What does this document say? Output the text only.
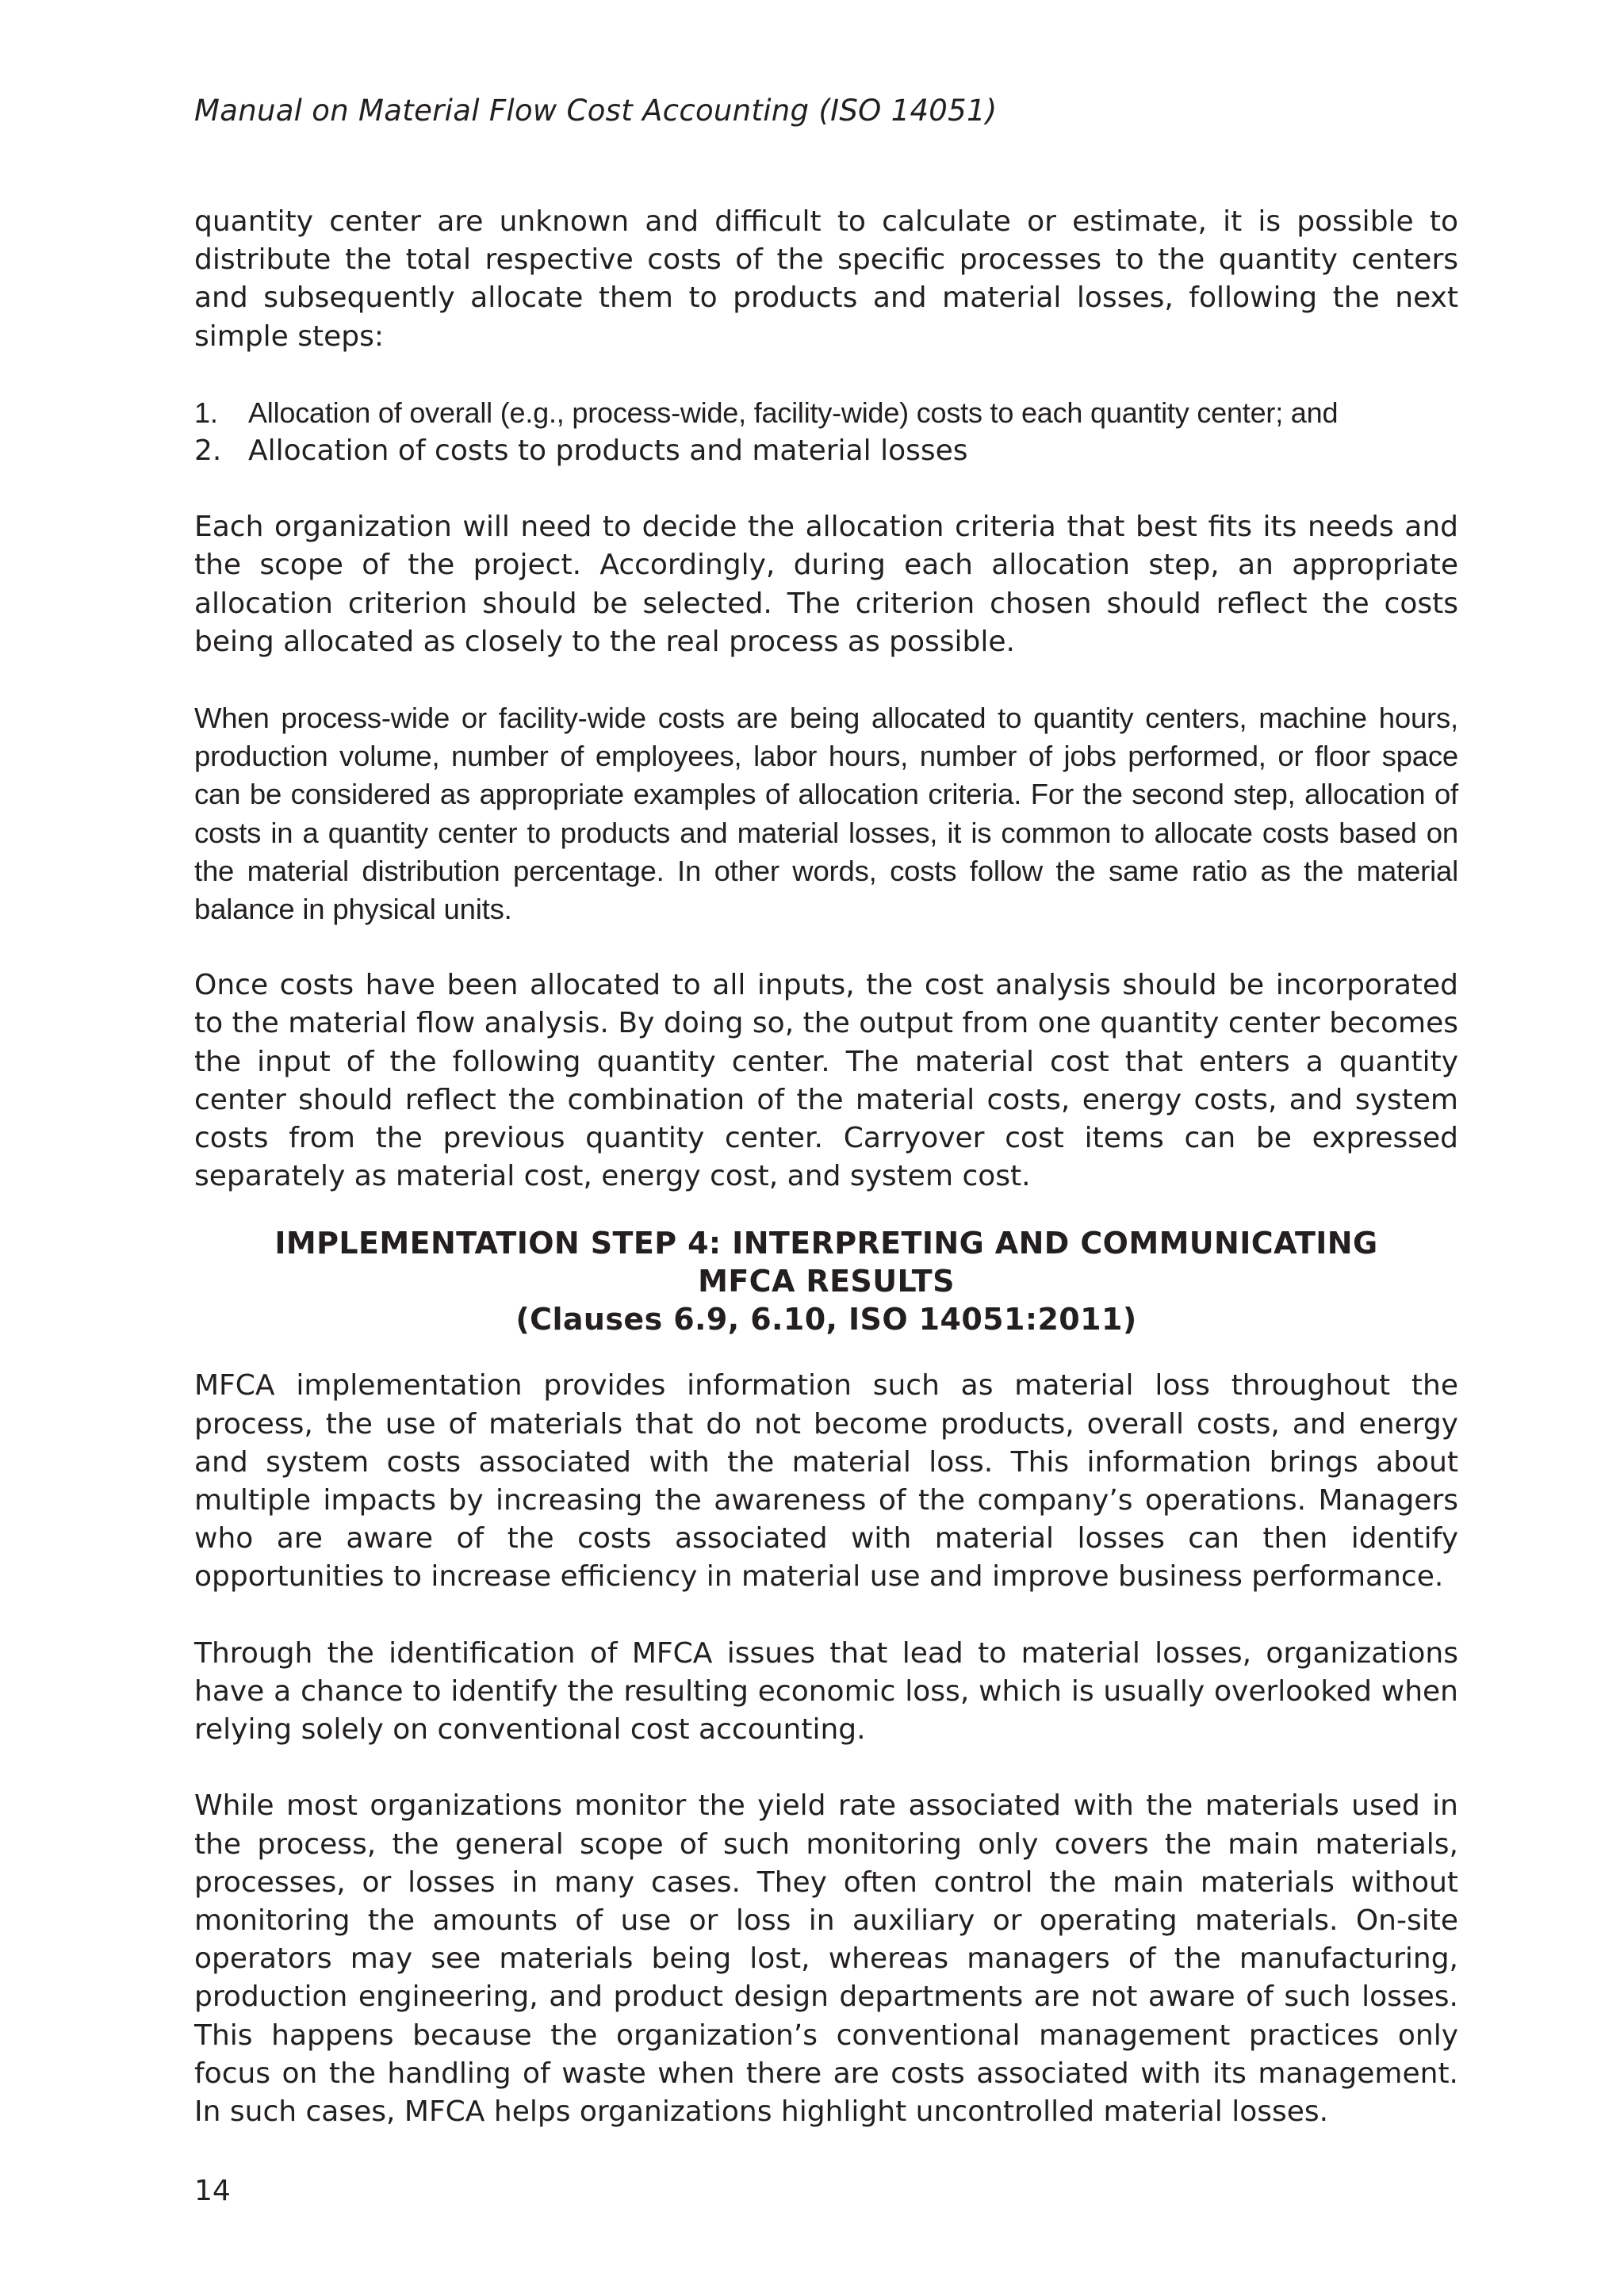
Manual on Material Flow Cost Accounting (ISO 14051)

quantity center are unknown and difficult to calculate or estimate, it is possible to distribute the total respective costs of the specific processes to the quantity centers and subsequently allocate them to products and material losses, following the next simple steps:

1. Allocation of overall (e.g., process-wide, facility-wide) costs to each quantity center; and
2. Allocation of costs to products and material losses

Each organization will need to decide the allocation criteria that best fits its needs and the scope of the project. Accordingly, during each allocation step, an appropriate allocation criterion should be selected. The criterion chosen should reflect the costs being allocated as closely to the real process as possible.

When process-wide or facility-wide costs are being allocated to quantity centers, machine hours, production volume, number of employees, labor hours, number of jobs performed, or floor space can be considered as appropriate examples of allocation criteria. For the second step, allocation of costs in a quantity center to products and material losses, it is common to allocate costs based on the material distribution percentage. In other words, costs follow the same ratio as the material balance in physical units.

Once costs have been allocated to all inputs, the cost analysis should be incorporated to the material flow analysis. By doing so, the output from one quantity center becomes the input of the following quantity center. The material cost that enters a quantity center should reflect the combination of the material costs, energy costs, and system costs from the previous quantity center. Carryover cost items can be expressed separately as material cost, energy cost, and system cost.

IMPLEMENTATION STEP 4: INTERPRETING AND COMMUNICATING
MFCA RESULTS
(Clauses 6.9, 6.10, ISO 14051:2011)

MFCA implementation provides information such as material loss throughout the process, the use of materials that do not become products, overall costs, and energy and system costs associated with the material loss. This information brings about multiple impacts by increasing the awareness of the company’s operations. Managers who are aware of the costs associated with material losses can then identify opportunities to increase efficiency in material use and improve business performance.

Through the identification of MFCA issues that lead to material losses, organizations have a chance to identify the resulting economic loss, which is usually overlooked when relying solely on conventional cost accounting.

While most organizations monitor the yield rate associated with the materials used in the process, the general scope of such monitoring only covers the main materials, processes, or losses in many cases. They often control the main materials without monitoring the amounts of use or loss in auxiliary or operating materials. On-site operators may see materials being lost, whereas managers of the manufacturing, production engineering, and product design departments are not aware of such losses. This happens because the organization’s conventional management practices only focus on the handling of waste when there are costs associated with its management. In such cases, MFCA helps organizations highlight uncontrolled material losses.

14
